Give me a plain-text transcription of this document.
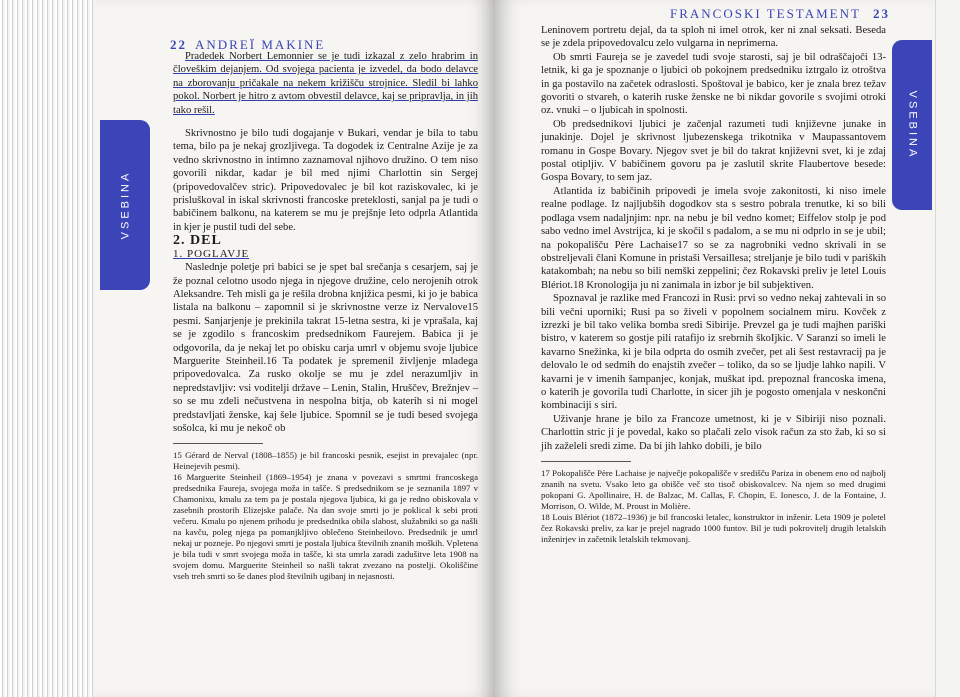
22 ANDREÏ MAKINE

Pradedek Norbert Lemonnier se je tudi izkazal z zelo hrabrim in človeškim dejanjem. Od svojega pacienta je izvedel, da bodo delavce na zborovanju pričakale na nekem križišču strojnice. Sledil bi lahko pokol. Norbert je hitro z avtom obvestil delavce, kaj se pripravlja, in jih tako rešil.

Skrivnostno je bilo tudi dogajanje v Bukari, vendar je bila to tabu tema, bilo pa je nekaj grozljivega. Ta dogodek iz Centralne Azije je za vedno skrivnostno in intimno zaznamoval njihovo družino. O tem niso govorili nikdar, kadar je bil med njimi Charlottin sin Sergej (pripovedovalčev stric). Pripovedovalec je bil kot raziskovalec, ki je prisluškoval in iskal skrivnosti francoske preteklosti, sanjal pa je tudi o babičinem balkonu, na katerem se mu je prejšnje leto odprla Atlantida in kjer je pustil tudi del sebe.

2. DEL

1. POGLAVJE

Naslednje poletje pri babici se je spet bal srečanja s cesarjem, saj je že poznal celotno usodo njega in njegove družine, celo nerojenih otrok Aleksandre. Teh misli ga je rešila drobna knjižica pesmi, ki jo je babica listala na balkonu – zapomnil si je skrivnostne verze iz Nervalove15 pesmi. Sanjarjenje je prekinila takrat 15-letna sestra, ki je vprašala, kaj se je zgodilo s francoskim predsednikom Faurejem. Babica ji je odgovorila, da je nekaj let po obisku carja umrl v objemu svoje ljubice Marguerite Steinheil.16 Ta podatek je spremenil življenje mladega pripovedovalca. Za rusko okolje se mu je zdel nerazumljiv in nepredstavljiv: vsi voditelji države – Lenin, Stalin, Hruščev, Brežnjev – so se mu zdeli nečustvena in nespolna bitja, ob katerih si ni mogel predstavljati ženske, kaj šele ljubice. Spomnil se je tudi besed svojega sošolca, ki mu je nekoč ob

15 Gérard de Nerval (1808–1855) je bil francoski pesnik, esejist in prevajalec (npr. Heinejevih pesmi).

16 Marguerite Steinheil (1869–1954) je znana v povezavi s smrtmi francoskega predsednika Faureja, svojega moža in tašče. S predsednikom se je seznanila 1897 v Chamonixu, kmalu za tem pa je postala njegova ljubica, ki ga je redno obiskovala v zasebnih prostorih Elizejske palače. Na dan svoje smrti jo je poklical k sebi proti večeru. Kmalu po njenem prihodu je predsednika obila slabost, služabniki so ga našli na kavču, poleg njega pa pomanjkljivo oblečeno Steinheilovo. Predsednik je umrl nekaj ur pozneje. Po njegovi smrti je postala ljubica številnih znanih moških. Vpletena je bila tudi v smrt svojega moža in tašče, ki sta umrla zaradi zadušitve leta 1908 na svojem domu. Marguerite Steinheil so našli takrat zvezano na postelji. Okoliščine vseh treh smrti so še danes plod številnih ugibanj in nejasnosti.

FRANCOSKI TESTAMENT 23

Leninovem portretu dejal, da ta sploh ni imel otrok, ker ni znal seksati. Beseda se je zdela pripovedovalcu zelo vulgarna in neprimerna.

Ob smrti Faureja se je zavedel tudi svoje starosti, saj je bil odraščajoči 13-letnik, ki ga je spoznanje o ljubici ob pokojnem predsedniku iztrgalo iz otroštva in ga postavilo na začetek odraslosti. Spoštoval je babico, ker je znala brez težav govoriti o stvareh, o katerih ruske ženske ne bi nikdar govorile s svojimi otroki oz. vnuki – o ljubicah in spolnosti.

Ob predsednikovi ljubici je začenjal razumeti tudi književne junake in junakinje. Dojel je skrivnost ljubezenskega trikotnika v Maupassantovem romanu in Gospe Bovary. Njegov svet je bil do takrat književni svet, ki je zdaj postal otipljiv. V babičinem govoru pa je zaslutil skrite Flaubertove besede: Gospa Bovary, to sem jaz.

Atlantida iz babičinih pripovedi je imela svoje zakonitosti, ki niso imele realne podlage. Iz najljubših dogodkov sta s sestro pobrala trenutke, ki so bili podlaga vsem nadaljnjim: npr. na nebu je bil vedno komet; Eiffelov stolp je pod sabo vedno imel Avstrijca, ki je skočil s padalom, a se mu ni odprlo in se je ubil; na pokopališču Père Lachaise17 so se za nagrobniki vedno skrivali in se obstreljevali člani Komune in pristaši Versaillesa; streljanje je bilo tudi v pariških katakombah; na nebu so bili nemški zeppelini; čez Rokavski preliv je letel Louis Blériot.18 Kronologija ju ni zanimala in izbor je bil subjektiven.

Spoznaval je razlike med Francozi in Rusi: prvi so vedno nekaj zahtevali in so bili večni uporniki; Rusi pa so živeli v popolnem socialnem miru. Kovček z izrezki je bil tako velika bomba sredi Sibirije. Prevzel ga je tudi majhen pariški bistro, v katerem so gostje pili ratafijo iz srebrnih škoIjkic. V Saranzi so imeli le kavarno Snežinka, ki je bila odprta do osmih zvečer, pet ali šest restavracij pa je delovalo le od sedmih do enajstih zvečer – toliko, da so se ljudje lahko napili. V kavarni je v imenih šampanjec, konjak, muškat ipd. prepoznal francoska imena, o katerih je govorila tudi Charlotte, in sicer jih je pogosto omenjala v neskončni kombinaciji s siri.

Uživanje hrane je bilo za Francoze umetnost, ki je v Sibiriji niso poznali. Charlottin stric ji je povedal, kako so plačali zelo visok račun za sto žab, ki so si jih zaželeli sredi zime. Da bi jih lahko dobili, je bilo

17 Pokopališče Père Lachaise je največje pokopališče v središču Pariza in obenem eno od najbolj znanih na svetu. Vsako leto ga obišče več sto tisoč obiskovalcev. Na njem so med drugimi pokopani G. Apollinaire, H. de Balzac, M. Callas, F. Chopin, E. Ionesco, J. de la Fontaine, J. Morrison, O. Wilde, M. Proust in Molière.

18 Louis Blériot (1872–1936) je bil francoski letalec, konstruktor in inženir. Leta 1909 je poletel čez Rokavski preliv, za kar je prejel nagrado 1000 funtov. Bil je tudi pokrovitelj drugih letalskih inženirjev in začetnik letalskih tekmovanj.

VSEBINA
VSEBINA
